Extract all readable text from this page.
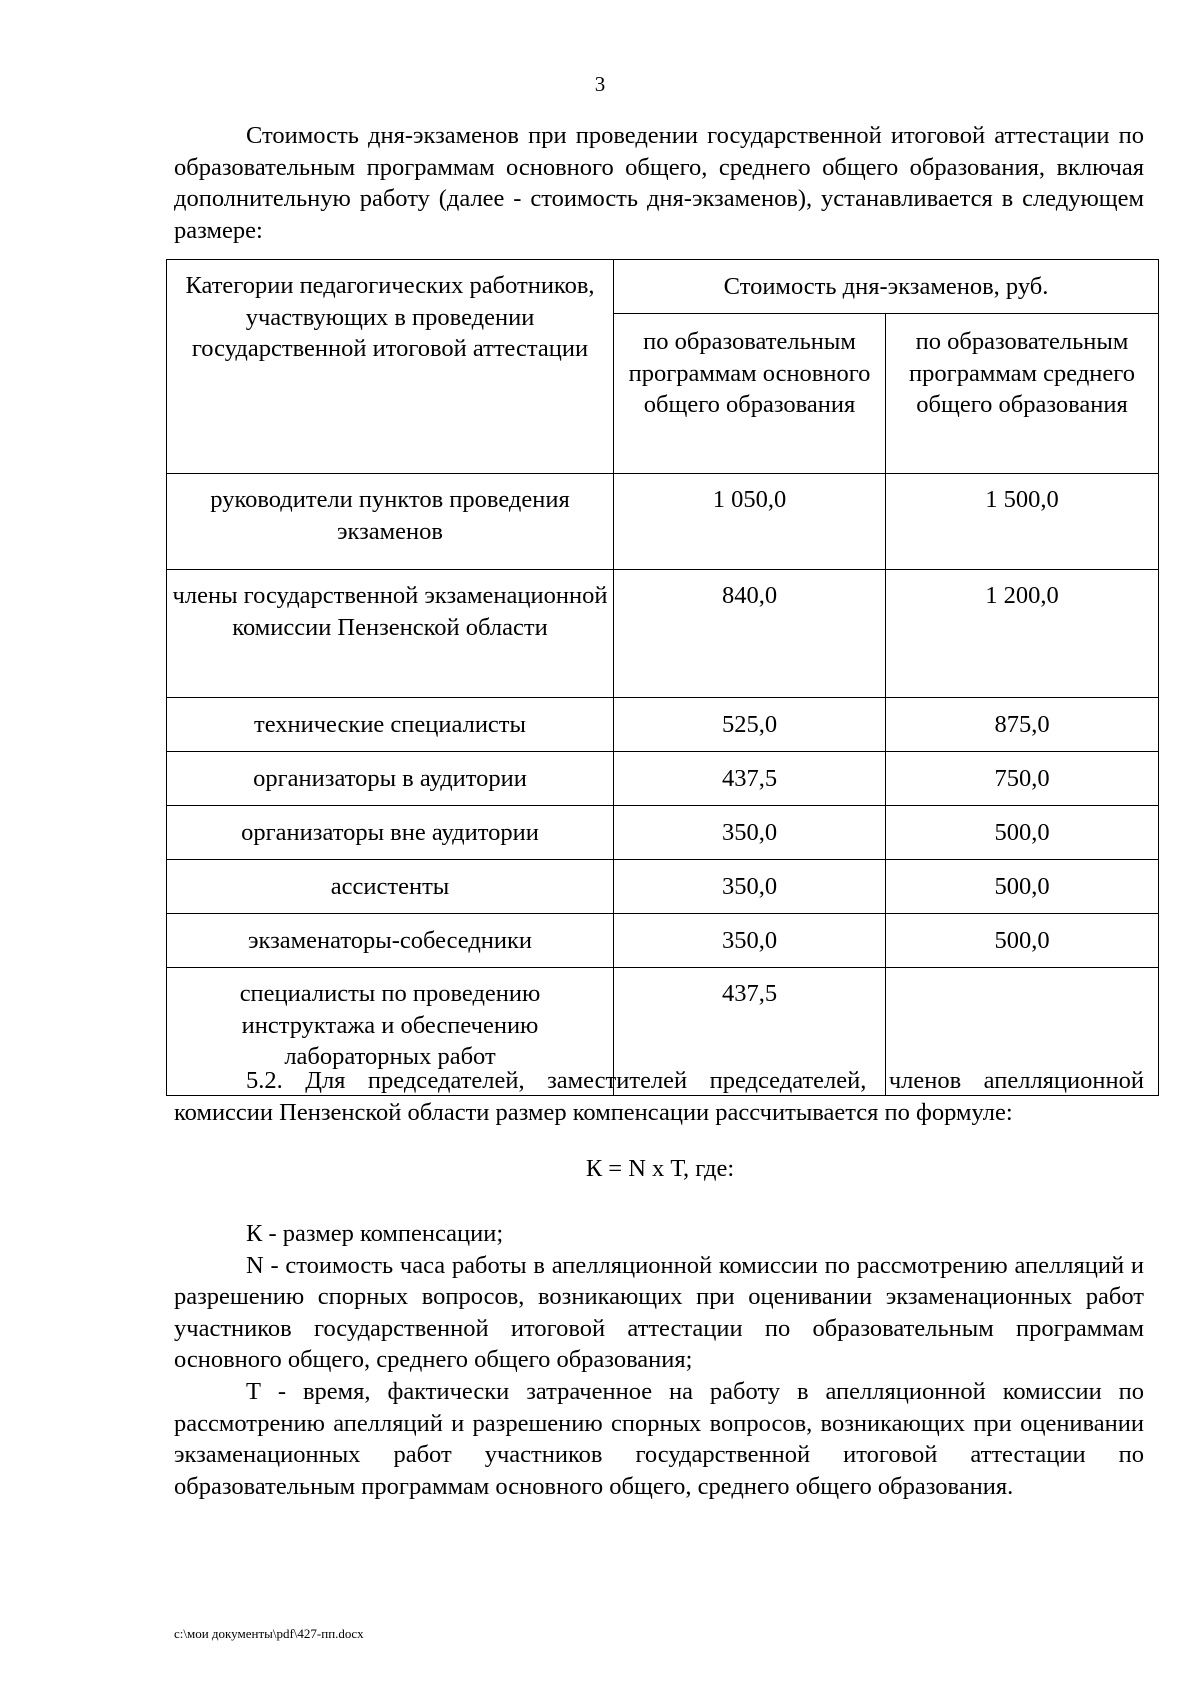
3

Стоимость дня-экзаменов при проведении государственной итоговой аттестации по образовательным программам основного общего, среднего общего образования, включая дополнительную работу (далее - стоимость дня-экзаменов), устанавливается в следующем размере:

Категории педагогических работников, участвующих в проведении государственной итоговой аттестации	Стоимость дня-экзаменов, руб.	
	по образовательным программам основного общего образования	по образовательным программам среднего общего образования
руководители пунктов проведения экзаменов	1 050,0	1 500,0
члены государственной экзаменационной комиссии Пензенской области	840,0	1 200,0
технические специалисты	525,0	875,0
организаторы в аудитории	437,5	750,0
организаторы вне аудитории	350,0	500,0
ассистенты	350,0	500,0
экзаменаторы-собеседники	350,0	500,0
специалисты по проведению инструктажа и обеспечению лабораторных работ	437,5	

5.2. Для председателей, заместителей председателей, членов апелляционной комиссии Пензенской области размер компенсации рассчитывается по формуле:

К = N х Т, где:

К - размер компенсации;

N - стоимость часа работы в апелляционной комиссии по рассмотрению апелляций и разрешению спорных вопросов, возникающих при оценивании экзаменационных работ участников государственной итоговой аттестации по образовательным программам основного общего, среднего общего образования;

Т - время, фактически затраченное на работу в апелляционной комиссии по рассмотрению апелляций и разрешению спорных вопросов, возникающих при оценивании экзаменационных работ участников государственной итоговой аттестации по образовательным программам основного общего, среднего общего образования.

c:\мои документы\pdf\427-пп.docx
